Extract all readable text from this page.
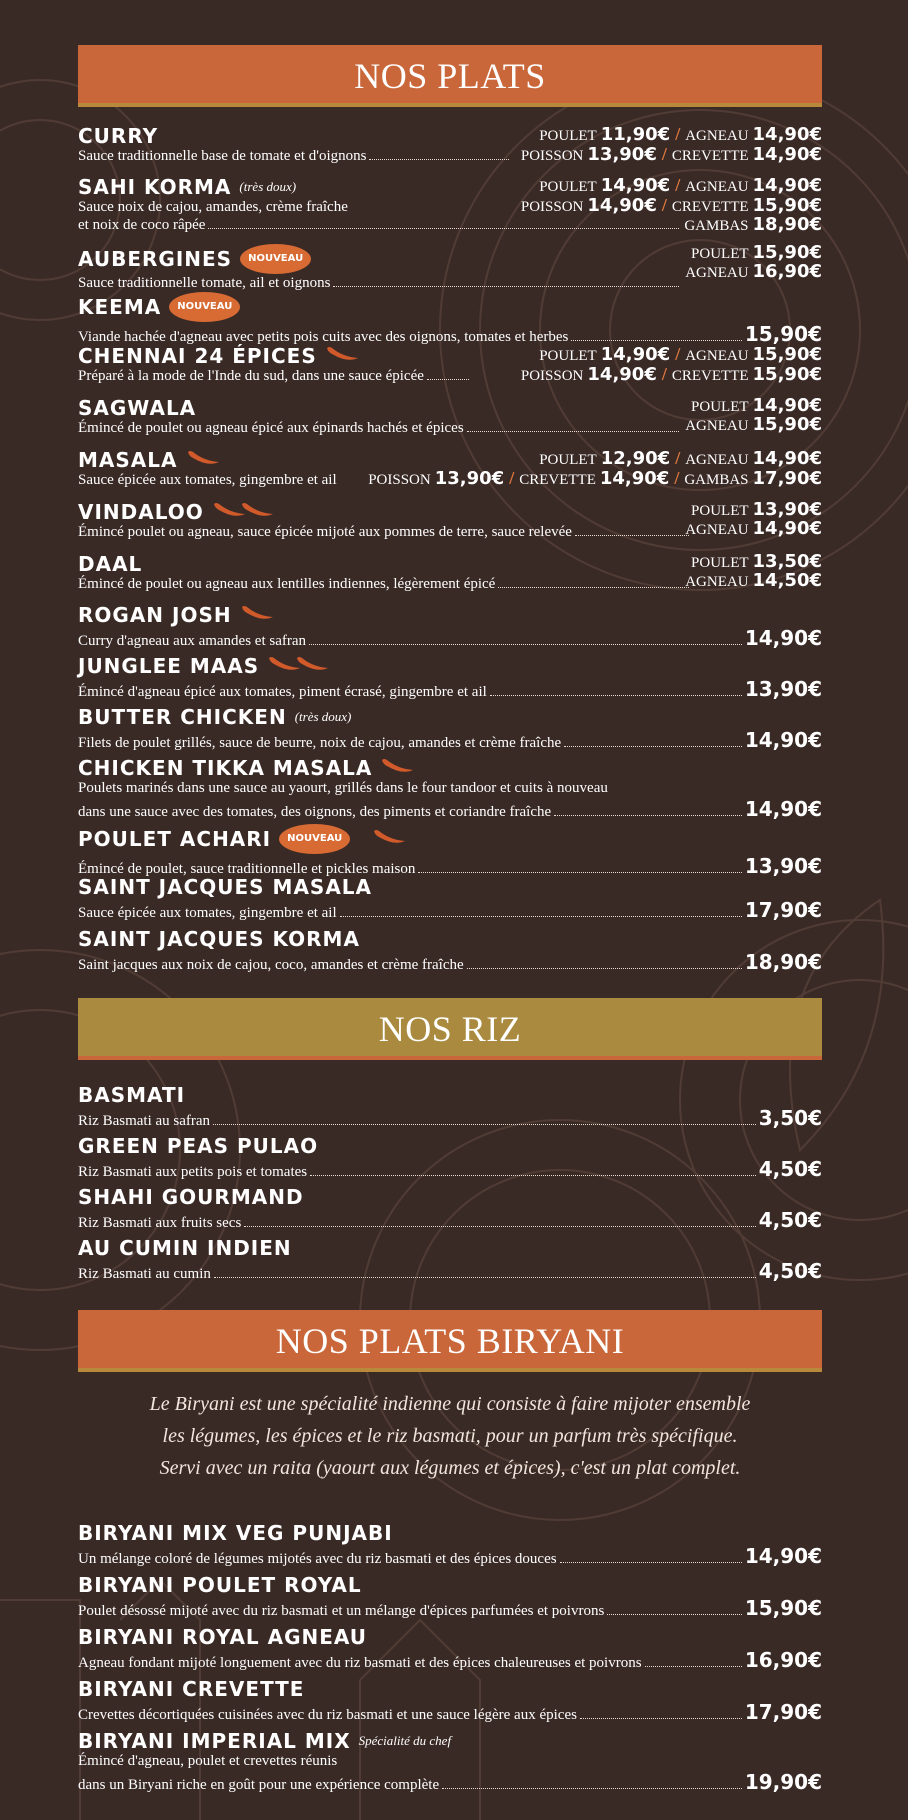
NOS PLATS
CURRY
Sauce traditionnelle base de tomate et d'oignons
POULET 11,90€ / AGNEAU 14,90€
POISSON 13,90€ / CREVETTE 14,90€
SAHI KORMA (très doux)
Sauce noix de cajou, amandes, crème fraîche
et noix de coco râpée
POULET 14,90€ / AGNEAU 14,90€
POISSON 14,90€ / CREVETTE 15,90€
GAMBAS 18,90€
AUBERGINES	NOUVEAU
Sauce traditionnelle tomate, ail et oignons
POULET 15,90€
AGNEAU 16,90€
KEEMA	NOUVEAU
Viande hachée d'agneau avec petits pois cuits avec des oignons, tomates et herbes	15,90€
CHENNAI 24 ÉPICES
Préparé à la mode de l'Inde du sud, dans une sauce épicée
POULET 14,90€ / AGNEAU 15,90€
POISSON 14,90€ / CREVETTE 15,90€
SAGWALA
Émincé de poulet ou agneau épicé aux épinards hachés et épices
POULET 14,90€
AGNEAU 15,90€
MASALA
Sauce épicée aux tomates, gingembre et ail
POULET 12,90€ / AGNEAU 14,90€
POISSON 13,90€ / CREVETTE 14,90€ / GAMBAS 17,90€
VINDALOO
Émincé poulet ou agneau, sauce épicée mijoté aux pommes de terre, sauce relevée
POULET 13,90€
AGNEAU 14,90€
DAAL
Émincé de poulet ou agneau aux lentilles indiennes, légèrement épicé
POULET 13,50€
AGNEAU 14,50€
ROGAN JOSH
Curry d'agneau aux amandes et safran	14,90€
JUNGLEE MAAS
Émincé d'agneau épicé aux tomates, piment écrasé, gingembre et ail	13,90€
BUTTER CHICKEN (très doux)
Filets de poulet grillés, sauce de beurre, noix de cajou, amandes et crème fraîche	14,90€
CHICKEN TIKKA MASALA
Poulets marinés dans une sauce au yaourt, grillés dans le four tandoor et cuits à nouveau
dans une sauce avec des tomates, des oignons, des piments et coriandre fraîche	14,90€
POULET ACHARI	NOUVEAU
Émincé de poulet, sauce traditionnelle et pickles maison	13,90€
SAINT JACQUES MASALA
Sauce épicée aux tomates, gingembre et ail	17,90€
SAINT JACQUES KORMA
Saint jacques aux noix de cajou, coco, amandes et crème fraîche	18,90€
NOS RIZ
BASMATI
Riz Basmati au safran	3,50€
GREEN PEAS PULAO
Riz Basmati aux petits pois et tomates	4,50€
SHAHI GOURMAND
Riz Basmati aux fruits secs	4,50€
AU CUMIN INDIEN
Riz Basmati au cumin	4,50€
NOS PLATS BIRYANI
Le Biryani est une spécialité indienne qui consiste à faire mijoter ensemble
les légumes, les épices et le riz basmati, pour un parfum très spécifique.
Servi avec un raita (yaourt aux légumes et épices), c'est un plat complet.
BIRYANI MIX VEG PUNJABI
Un mélange coloré de légumes mijotés avec du riz basmati et des épices douces	14,90€
BIRYANI POULET ROYAL
Poulet désossé mijoté avec du riz basmati et un mélange d'épices parfumées et poivrons	15,90€
BIRYANI ROYAL AGNEAU
Agneau fondant mijoté longuement avec du riz basmati et des épices chaleureuses et poivrons	16,90€
BIRYANI CREVETTE
Crevettes décortiquées cuisinées avec du riz basmati et une sauce légère aux épices	17,90€
BIRYANI IMPERIAL MIX Spécialité du chef
Émincé d'agneau, poulet et crevettes réunis
dans un Biryani riche en goût pour une expérience complète	19,90€
